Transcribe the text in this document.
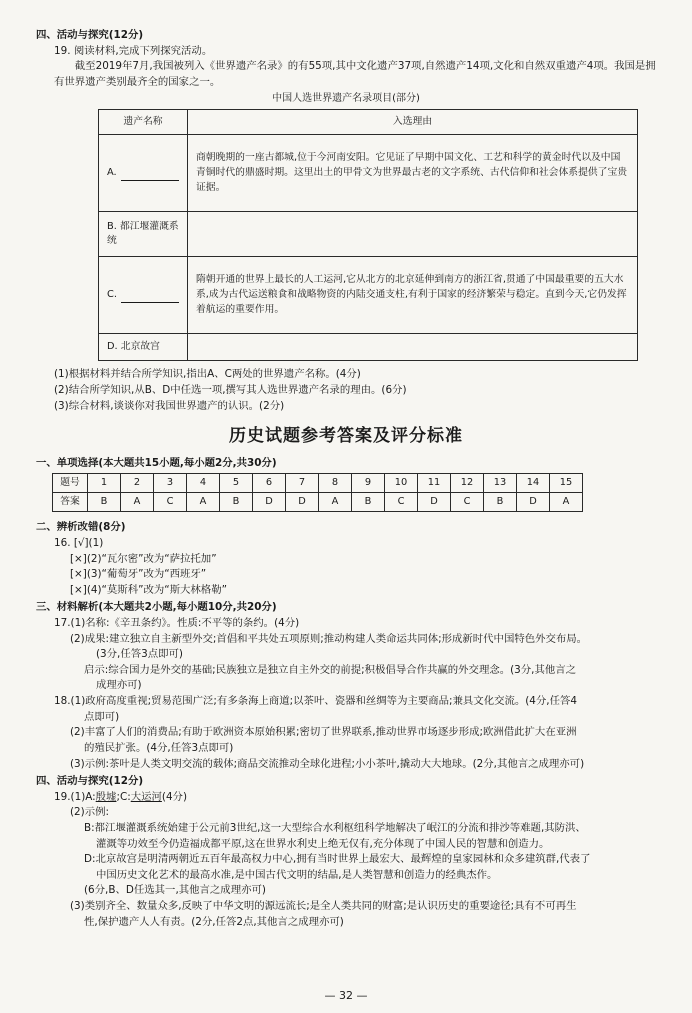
四、活动与探究(12分)
19. 阅读材料,完成下列探究活动。
截至2019年7月,我国被列入《世界遗产名录》的有55项,其中文化遗产37项,自然遗产14项,文化和自然双重遗产4项。我国是拥有世界遗产类别最齐全的国家之一。
中国人选世界遗产名录项目(部分)
遗产名称	入选理由
A.	商朝晚期的一座古都城,位于今河南安阳。它见证了早期中国文化、工艺和科学的黄金时代以及中国青铜时代的鼎盛时期。这里出土的甲骨文为世界最古老的文字系统、古代信仰和社会体系提供了宝贵证据。
B. 都江堰灌溉系统	
C.	隋朝开通的世界上最长的人工运河,它从北方的北京延伸到南方的浙江省,贯通了中国最重要的五大水系,成为古代运送粮食和战略物资的内陆交通支柱,有利于国家的经济繁荣与稳定。直到今天,它仍发挥着航运的重要作用。
D. 北京故宫	
(1)根据材料并结合所学知识,指出A、C两处的世界遗产名称。(4分)
(2)结合所学知识,从B、D中任选一项,撰写其人选世界遗产名录的理由。(6分)
(3)综合材料,谈谈你对我国世界遗产的认识。(2分)
历史试题参考答案及评分标准
一、单项选择(本大题共15小题,每小题2分,共30分)
题号	1	2	3	4	5	6	7	8	9	10	11	12	13	14	15
答案	B	A	C	A	B	D	D	A	B	C	D	C	B	D	A
二、辨析改错(8分)
16. [√](1)
[×](2)“瓦尔密”改为“萨拉托加”
[×](3)“葡萄牙”改为“西班牙”
[×](4)“莫斯科”改为“斯大林格勒”
三、材料解析(本大题共2小题,每小题10分,共20分)
17.(1)名称:《辛丑条约》。性质:不平等的条约。(4分)
(2)成果:建立独立自主新型外交;首倡和平共处五项原则;推动构建人类命运共同体;形成新时代中国特色外交布局。
(3分,任答3点即可)
启示:综合国力是外交的基础;民族独立是独立自主外交的前提;积极倡导合作共赢的外交理念。(3分,其他言之
成理亦可)
18.(1)政府高度重视;贸易范围广泛;有多条海上商道;以茶叶、瓷器和丝绸等为主要商品;兼具文化交流。(4分,任答4
点即可)
(2)丰富了人们的消费品;有助于欧洲资本原始积累;密切了世界联系,推动世界市场逐步形成;欧洲借此扩大在亚洲
的殖民扩张。(4分,任答3点即可)
(3)示例:茶叶是人类文明交流的载体;商品交流推动全球化进程;小小茶叶,撬动大大地球。(2分,其他言之成理亦可)
四、活动与探究(12分)
19.(1)A:殷墟;C:大运河(4分)
(2)示例:
B:都江堰灌溉系统始建于公元前3世纪,这一大型综合水利枢纽科学地解决了岷江的分流和排沙等难题,其防洪、
灌溉等功效至今仍造福成都平原,这在世界水利史上绝无仅有,充分体现了中国人民的智慧和创造力。
D:北京故宫是明清两朝近五百年最高权力中心,拥有当时世界上最宏大、最辉煌的皇家园林和众多建筑群,代表了
中国历史文化艺术的最高水准,是中国古代文明的结晶,是人类智慧和创造力的经典杰作。
(6分,B、D任选其一,其他言之成理亦可)
(3)类别齐全、数量众多,反映了中华文明的源远流长;是全人类共同的财富;是认识历史的重要途径;具有不可再生
性,保护遗产人人有责。(2分,任答2点,其他言之成理亦可)
— 32 —
